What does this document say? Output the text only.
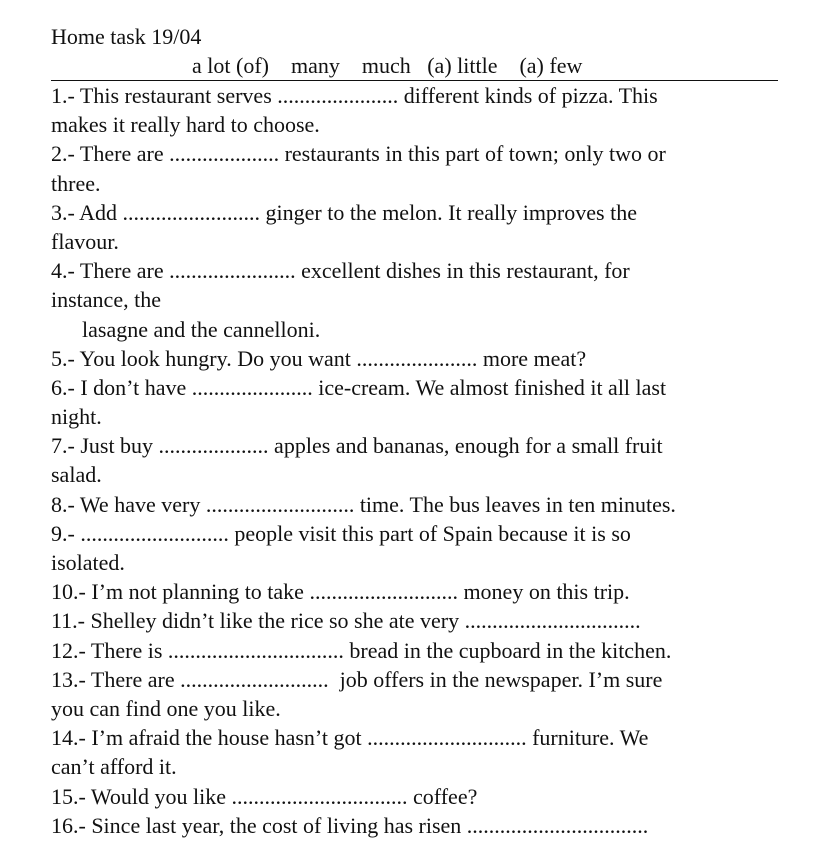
Home task 19/04
a lot (of)    many    much   (a) little    (a) few
1.- This restaurant serves ...................... different kinds of pizza. This
makes it really hard to choose.
2.- There are .................... restaurants in this part of town; only two or
three.
3.- Add ......................... ginger to the melon. It really improves the
flavour.
4.- There are ....................... excellent dishes in this restaurant, for
instance, the
lasagne and the cannelloni.
5.- You look hungry. Do you want ...................... more meat?
6.- I don’t have ...................... ice-cream. We almost finished it all last
night.
7.- Just buy .................... apples and bananas, enough for a small fruit
salad.
8.- We have very ........................... time. The bus leaves in ten minutes.
9.- ........................... people visit this part of Spain because it is so
isolated.
10.- I’m not planning to take ........................... money on this trip.
11.- Shelley didn’t like the rice so she ate very ................................
12.- There is ................................ bread in the cupboard in the kitchen.
13.- There are ...........................  job offers in the newspaper. I’m sure
you can find one you like.
14.- I’m afraid the house hasn’t got ............................. furniture. We
can’t afford it.
15.- Would you like ................................ coffee?
16.- Since last year, the cost of living has risen .................................
